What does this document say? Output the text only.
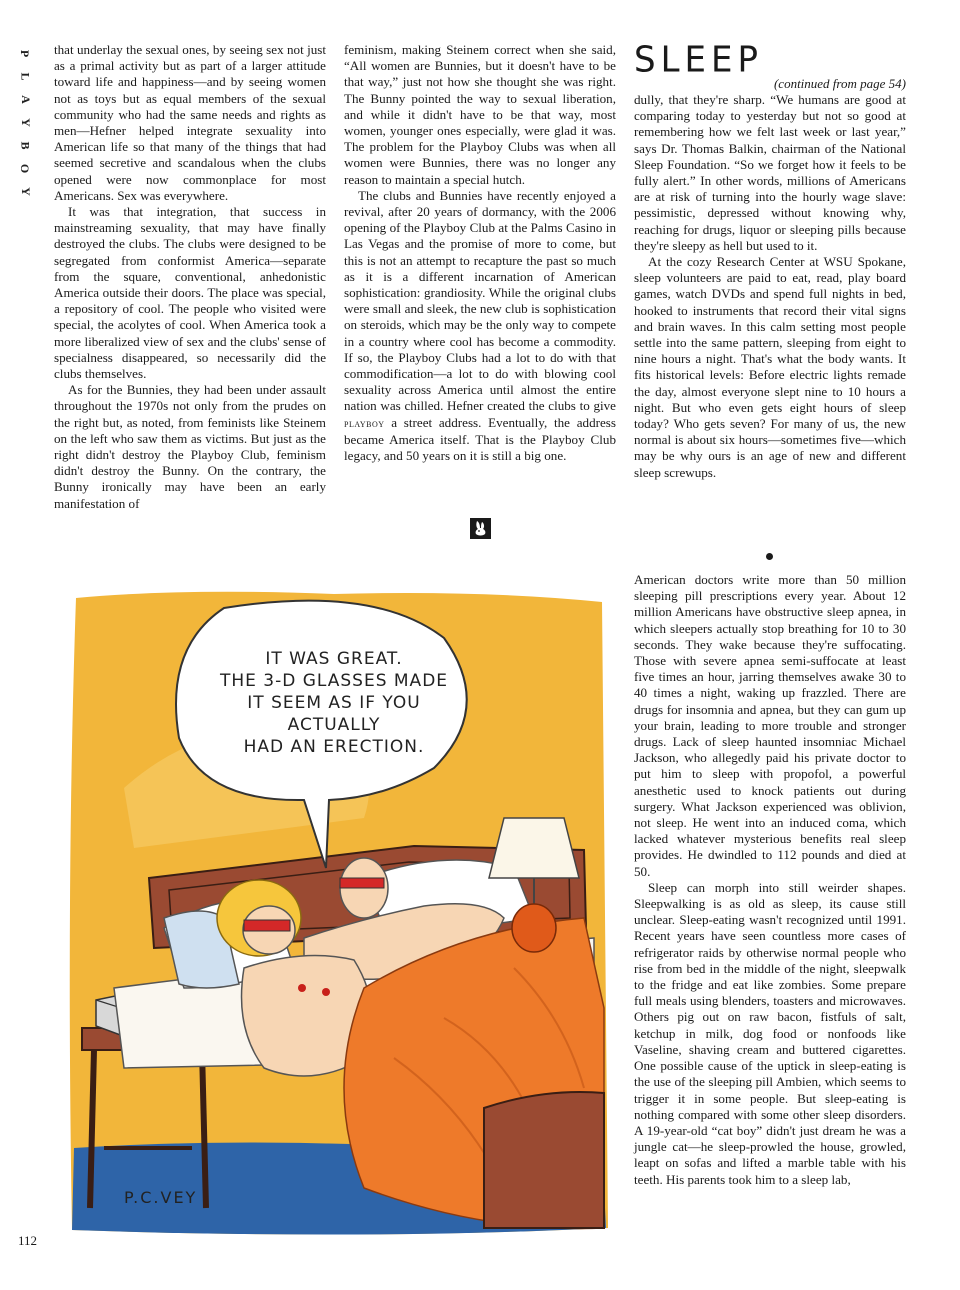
P
L
A
Y
B
O
Y

that underlay the sexual ones, by seeing sex not just as a primal activity but as part of a larger attitude toward life and happiness—and by seeing women not as toys but as equal members of the sexual community who had the same needs and rights as men—Hefner helped integrate sexuality into American life so that many of the things that had seemed secretive and scandalous when the clubs opened were now commonplace for most Americans. Sex was everywhere.

It was that integration, that success in mainstreaming sexuality, that may have finally destroyed the clubs. The clubs were designed to be segregated from conformist America—separate from the square, conventional, anhedonistic America outside their doors. The place was special, a repository of cool. The people who visited were special, the acolytes of cool. When America took a more liberalized view of sex and the clubs' sense of specialness disappeared, so necessarily did the clubs themselves.

As for the Bunnies, they had been under assault throughout the 1970s not only from the prudes on the right but, as noted, from feminists like Steinem on the left who saw them as victims. But just as the right didn't destroy the Playboy Club, feminism didn't destroy the Bunny. On the contrary, the Bunny ironically may have been an early manifestation of

feminism, making Steinem correct when she said, “All women are Bunnies, but it doesn't have to be that way,” just not how she thought she was right. The Bunny pointed the way to sexual liberation, and while it didn't have to be that way, most women, younger ones especially, were glad it was. The problem for the Playboy Clubs was when all women were Bunnies, there was no longer any reason to maintain a special hutch.

The clubs and Bunnies have recently enjoyed a revival, after 20 years of dormancy, with the 2006 opening of the Playboy Club at the Palms Casino in Las Vegas and the promise of more to come, but this is not an attempt to recapture the past so much as it is a different incarnation of American sophistication: grandiosity. While the original clubs were small and sleek, the new club is sophistication on steroids, which may be the only way to compete in a country where cool has become a commodity. If so, the Playboy Clubs had a lot to do with that commodification—a lot to do with blowing cool sexuality across America until almost the entire nation was chilled. Hefner created the clubs to give playboy a street address. Eventually, the address became America itself. That is the Playboy Club legacy, and 50 years on it is still a big one.

SLEEP
(continued from page 54)

dully, that they're sharp. “We humans are good at comparing today to yesterday but not so good at remembering how we felt last week or last year,” says Dr. Thomas Balkin, chairman of the National Sleep Foundation. “So we forget how it feels to be fully alert.” In other words, millions of Americans are at risk of turning into the hourly wage slave: pessimistic, depressed without knowing why, reaching for drugs, liquor or sleeping pills because they're sleepy as hell but used to it.

At the cozy Research Center at WSU Spokane, sleep volunteers are paid to eat, read, play board games, watch DVDs and spend full nights in bed, hooked to instruments that record their vital signs and brain waves. In this calm setting most people settle into the same pattern, sleeping from eight to nine hours a night. That's what the body wants. It fits historical levels: Before electric lights remade the day, almost everyone slept nine to 10 hours a night. But who even gets eight hours of sleep today? Who gets seven? For many of us, the new normal is about six hours—sometimes five—which may be why ours is an age of new and different sleep screwups.

American doctors write more than 50 million sleeping pill prescriptions every year. About 12 million Americans have obstructive sleep apnea, in which sleepers actually stop breathing for 10 to 30 seconds. They wake because they're suffocating. Those with severe apnea semi-suffocate at least five times an hour, jarring themselves awake 30 to 40 times a night, waking up frazzled. There are drugs for insomnia and apnea, but they can gum up your brain, leading to more trouble and stronger drugs. Lack of sleep haunted insomniac Michael Jackson, who allegedly paid his private doctor to put him to sleep with propofol, a powerful anesthetic used to knock patients out during surgery. What Jackson experienced was oblivion, not sleep. He went into an induced coma, which lacked whatever mysterious benefits real sleep provides. He dwindled to 112 pounds and died at 50.

Sleep can morph into still weirder shapes. Sleepwalking is as old as sleep, its cause still unclear. Sleep-eating wasn't recognized until 1991. Recent years have seen countless more cases of refrigerator raids by otherwise normal people who rise from bed in the middle of the night, sleepwalk to the fridge and eat like zombies. Some prepare full meals using blenders, toasters and microwaves. Others pig out on raw bacon, fistfuls of salt, ketchup in milk, dog food or nonfoods like Vaseline, shaving cream and buttered cigarettes. One possible cause of the uptick in sleep-eating is the use of the sleeping pill Ambien, which seems to trigger it in some people. But sleep-eating is nothing compared with some other sleep disorders. A 19-year-old “cat boy” didn't just dream he was a jungle cat—he sleep-prowled the house, growled, leapt on sofas and lifted a marble table with his teeth. His parents took him to a sleep lab,

IT WAS GREAT.
THE 3-D GLASSES MADE
IT SEEM AS IF YOU
ACTUALLY
HAD AN ERECTION.
P.C.VEY
112
